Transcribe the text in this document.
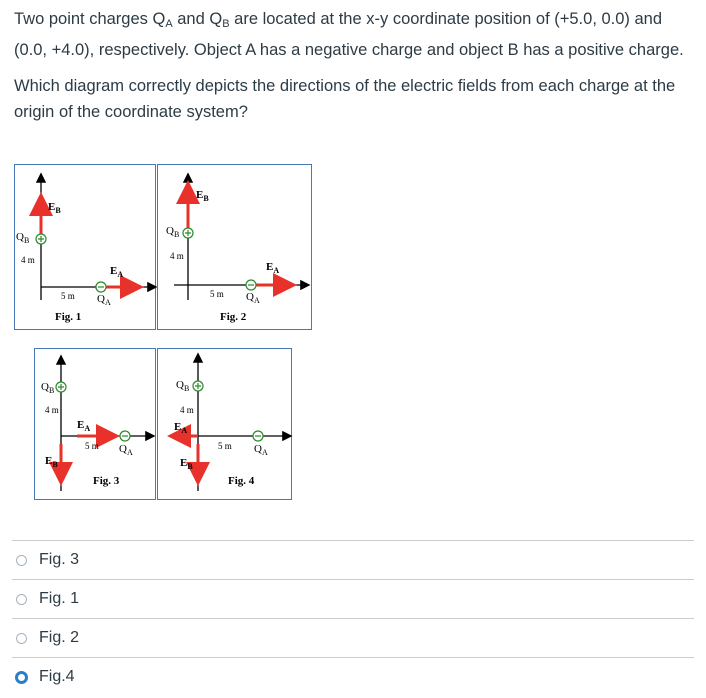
Two point charges $Q_A$ and $Q_B$ are located at the x-y coordinate position of (+5.0, 0.0) and (0.0, +4.0), respectively. Object A has a negative charge and object B has a positive charge.

Which diagram correctly depicts the directions of the electric fields from each charge at the origin of the coordinate system?

$E_B$
$Q_B$
4 m
$E_A$
5 m $Q_A$
Fig. 1
$E_B$
$Q_B$
4 m
$E_A$
5 m $Q_A$
Fig. 2
$Q_B$
4 m
$E_A$
5 m $Q_A$
$E_B$
Fig. 3
$Q_B$
4 m
$E_A$
5 m $Q_A$
$E_B$
Fig. 4
Fig. 3
Fig. 1
Fig. 2
Fig.4
